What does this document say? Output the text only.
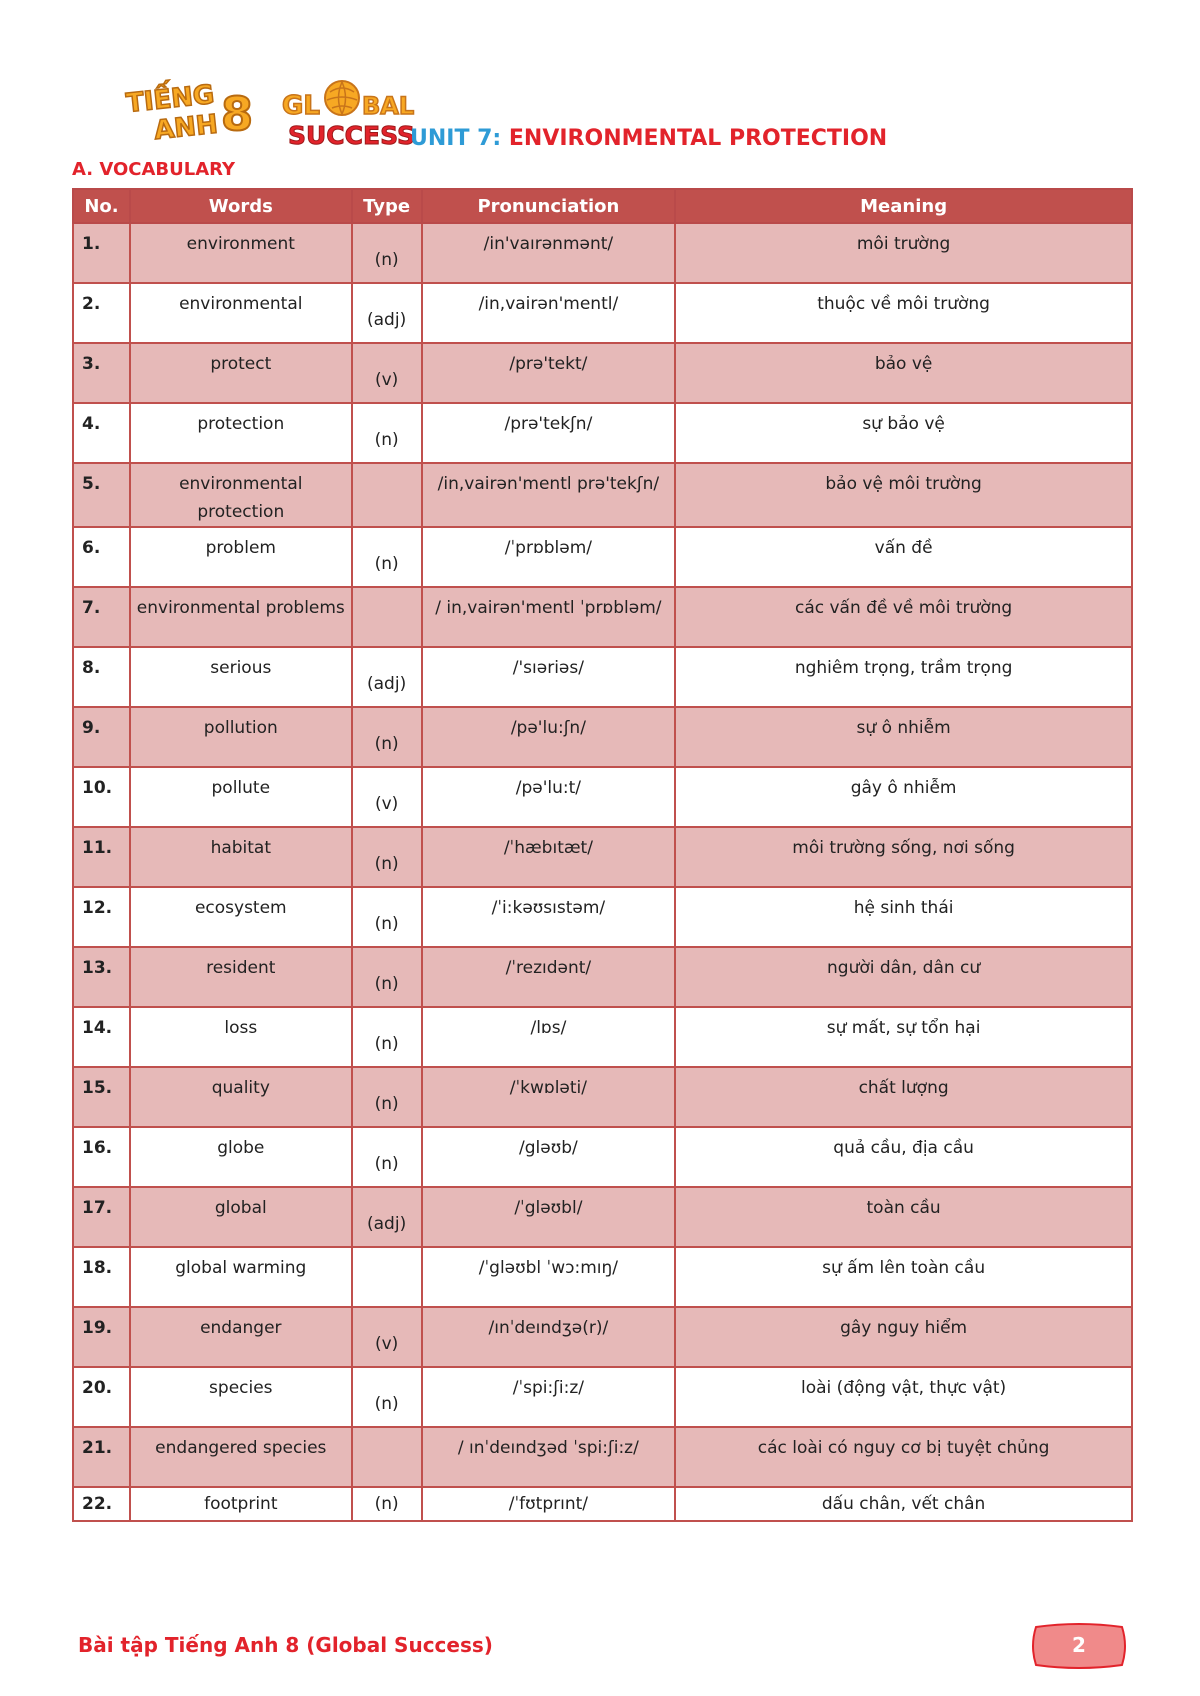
TIẾNG
ANH 8 GL BAL
SUCCESS
UNIT 7: ENVIRONMENTAL PROTECTION
A. VOCABULARY
No.	Words	Type	Pronunciation	Meaning
1.	environment	(n)	/in'vaırənmənt/	môi trường
2.	environmental	(adj)	/in,vairən'mentl/	thuộc về môi trường
3.	protect	(v)	/prə'tekt/	bảo vệ
4.	protection	(n)	/prə'tekʃn/	sự bảo vệ
5.	environmental protection		/in,vairən'mentl prə'tekʃn/	bảo vệ môi trường
6.	problem	(n)	/ˈprɒbləm/	vấn đề
7.	environmental problems		/ in,vairən'mentl ˈprɒbləm/	các vấn đề về môi trường
8.	serious	(adj)	/'sıəriəs/	nghiêm trọng, trầm trọng
9.	pollution	(n)	/pə'lu:ʃn/	sự ô nhiễm
10.	pollute	(v)	/pə'lu:t/	gây ô nhiễm
11.	habitat	(n)	/ˈhæbıtæt/	môi trường sống, nơi sống
12.	ecosystem	(n)	/ˈi:kəʊsıstəm/	hệ sinh thái
13.	resident	(n)	/ˈrezıdənt/	người dân, dân cư
14.	loss	(n)	/lɒs/	sự mất, sự tổn hại
15.	quality	(n)	/ˈkwɒləti/	chất lượng
16.	globe	(n)	/gləʊb/	quả cầu, địa cầu
17.	global	(adj)	/ˈgləʊbl/	toàn cầu
18.	global warming		/ˈgləʊbl ˈwɔ:mıŋ/	sự ấm lên toàn cầu
19.	endanger	(v)	/ınˈdeındʒə(r)/	gây nguy hiểm
20.	species	(n)	/ˈspi:ʃi:z/	loài (động vật, thực vật)
21.	endangered species		/ ınˈdeındʒəd ˈspi:ʃi:z/	các loài có nguy cơ bị tuyệt chủng
22.	footprint	(n)	/ˈfʊtprınt/	dấu chân, vết chân
Bài tập Tiếng Anh 8 (Global Success)	2
